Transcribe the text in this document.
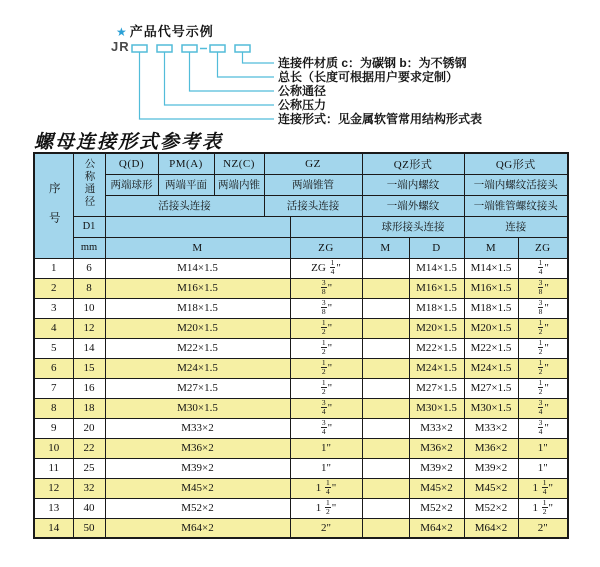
★ 产品代号示例
JR
连接件材质 c：为碳钢 b：为不锈钢
总长（长度可根据用户要求定制）
公称通径
公称压力
连接形式：见金属软管常用结构形式表
螺母连接形式参考表
序号	公称通径	Q(D)	PM(A)	NZ(C)	GZ		QZ形式		QG形式	
		两端球形	两端平面	两端内锥	两端锥管		一端内螺纹		一端内螺纹活接头	
		活接头连接			活接头连接		一端外螺纹		一端锥管螺纹接头	
	D1						球形接头连接		连接	
	mm	M				ZG	M	D	M	ZG
1	6	M14×1.5				ZG $\frac{1}{4}$ "		M14×1.5	M14×1.5	$\frac{1}{4}$ "
2	8	M16×1.5				$\frac{3}{8}$ "		M16×1.5	M16×1.5	$\frac{3}{8}$ "
3	10	M18×1.5				$\frac{3}{8}$ "		M18×1.5	M18×1.5	$\frac{3}{8}$ "
4	12	M20×1.5				$\frac{1}{2}$ "		M20×1.5	M20×1.5	$\frac{1}{2}$ "
5	14	M22×1.5				$\frac{1}{2}$ "		M22×1.5	M22×1.5	$\frac{1}{2}$ "
6	15	M24×1.5				$\frac{1}{2}$ "		M24×1.5	M24×1.5	$\frac{1}{2}$ "
7	16	M27×1.5				$\frac{1}{2}$ "		M27×1.5	M27×1.5	$\frac{1}{2}$ "
8	18	M30×1.5				$\frac{3}{4}$ "		M30×1.5	M30×1.5	$\frac{3}{4}$ "
9	20	M33×2				$\frac{3}{4}$ "		M33×2	M33×2	$\frac{3}{4}$ "
10	22	M36×2				1"		M36×2	M36×2	1"
11	25	M39×2				1"		M39×2	M39×2	1"
12	32	M45×2				$1 \frac{1}{4}$ "		M45×2	M45×2	$1 \frac{1}{4}$ "
13	40	M52×2				$1 \frac{1}{2}$ "		M52×2	M52×2	$1 \frac{1}{2}$ "
14	50	M64×2				2"		M64×2	M64×2	2"
